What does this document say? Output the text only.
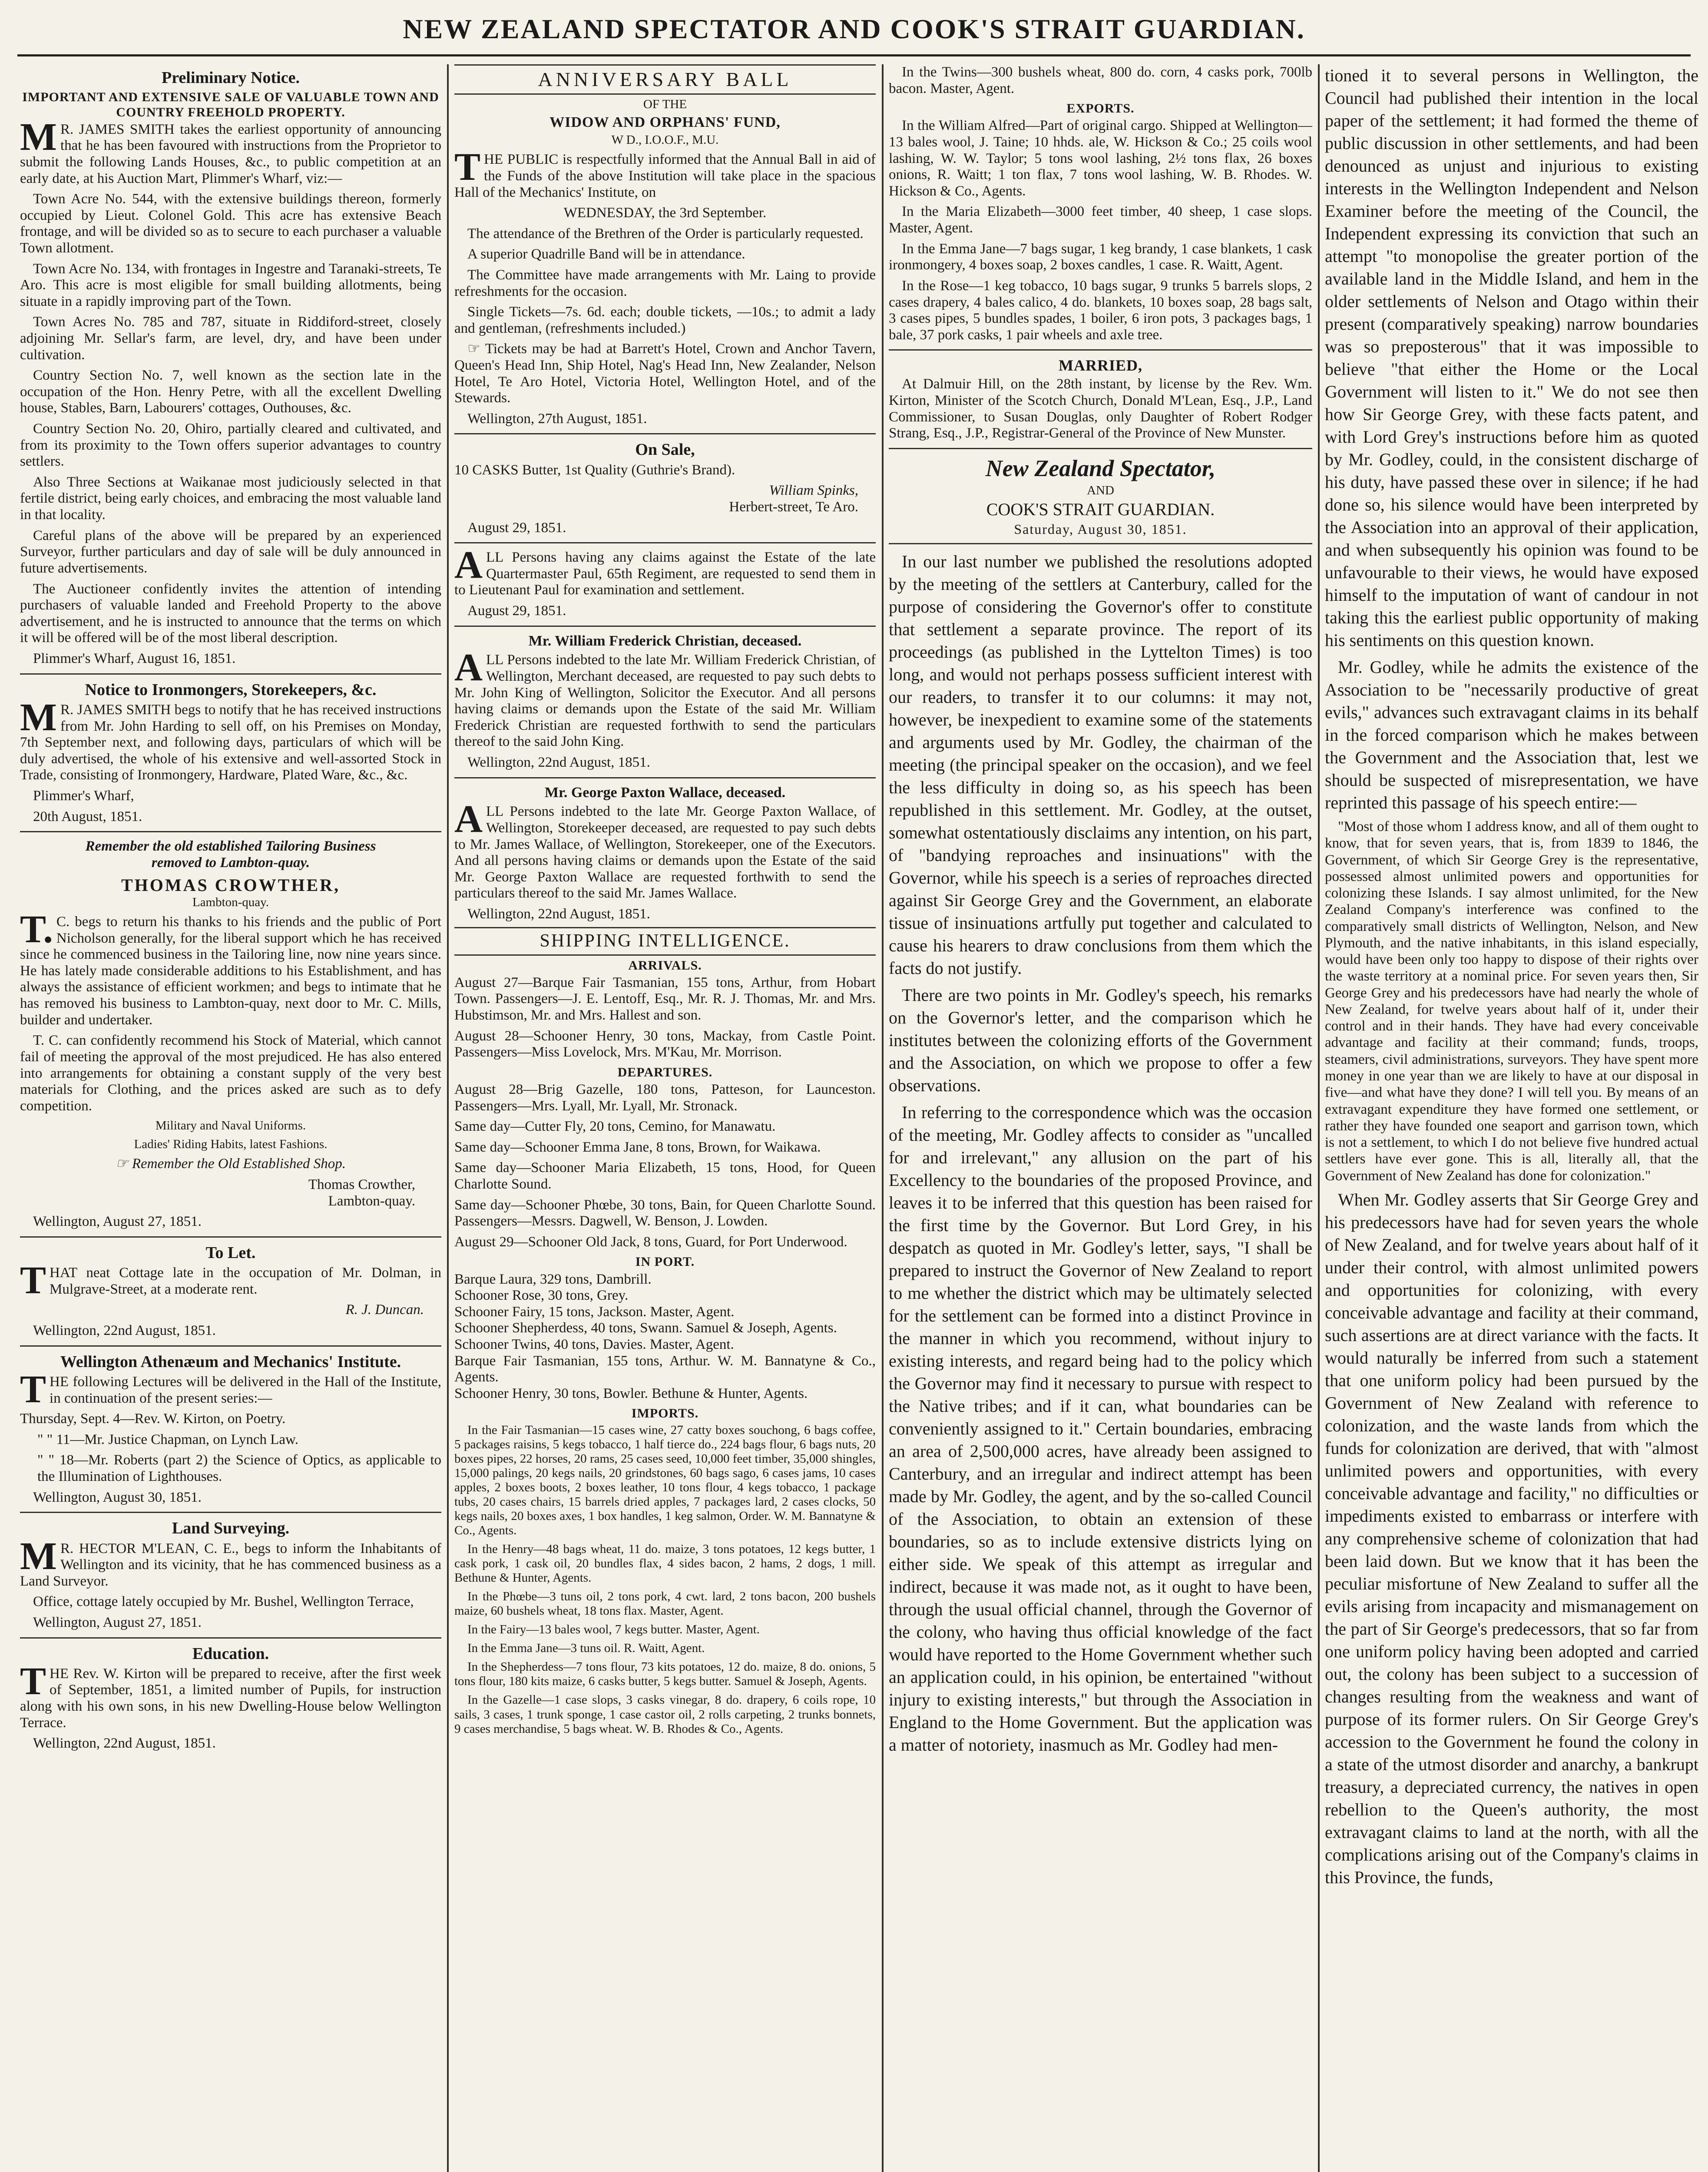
NEW ZEALAND SPECTATOR AND COOK'S STRAIT GUARDIAN.
Preliminary Notice.
IMPORTANT AND EXTENSIVE SALE OF VALUABLE TOWN AND COUNTRY FREEHOLD PROPERTY.

MR. JAMES SMITH takes the earliest opportunity of announcing that he has been favoured with instructions from the Proprietor to submit the following Lands Houses, &c., to public competition at an early date, at his Auction Mart, Plimmer's Wharf, viz:—

Town Acre No. 544, with the extensive buildings thereon, formerly occupied by Lieut. Colonel Gold. This acre has extensive Beach frontage, and will be divided so as to secure to each purchaser a valuable Town allotment.

Town Acre No. 134, with frontages in Ingestre and Taranaki-streets, Te Aro. This acre is most eligible for small building allotments, being situate in a rapidly improving part of the Town.

Town Acres No. 785 and 787, situate in Riddiford-street, closely adjoining Mr. Sellar's farm, are level, dry, and have been under cultivation.

Country Section No. 7, well known as the section late in the occupation of the Hon. Henry Petre, with all the excellent Dwelling house, Stables, Barn, Labourers' cottages, Outhouses, &c.

Country Section No. 20, Ohiro, partially cleared and cultivated, and from its proximity to the Town offers superior advantages to country settlers.

Also Three Sections at Waikanae most judiciously selected in that fertile district, being early choices, and embracing the most valuable land in that locality.

Careful plans of the above will be prepared by an experienced Surveyor, further particulars and day of sale will be duly announced in future advertisements.

The Auctioneer confidently invites the attention of intending purchasers of valuable landed and Freehold Property to the above advertisement, and he is instructed to announce that the terms on which it will be offered will be of the most liberal description.

Plimmer's Wharf, August 16, 1851.

Notice to Ironmongers, Storekeepers, &c.

MR. JAMES SMITH begs to notify that he has received instructions from Mr. John Harding to sell off, on his Premises on Monday, 7th September next, and following days, particulars of which will be duly advertised, the whole of his extensive and well-assorted Stock in Trade, consisting of Ironmongery, Hardware, Plated Ware, &c., &c.

Plimmer's Wharf,

20th August, 1851.

Remember the old established Tailoring Business

removed to Lambton-quay.

THOMAS CROWTHER,

Lambton-quay.

T.C. begs to return his thanks to his friends and the public of Port Nicholson generally, for the liberal support which he has received since he commenced business in the Tailoring line, now nine years since. He has lately made considerable additions to his Establishment, and has always the assistance of efficient workmen; and begs to intimate that he has removed his business to Lambton-quay, next door to Mr. C. Mills, builder and undertaker.

T. C. can confidently recommend his Stock of Material, which cannot fail of meeting the approval of the most prejudiced. He has also entered into arrangements for obtaining a constant supply of the very best materials for Clothing, and the prices asked are such as to defy competition.

Military and Naval Uniforms.

Ladies' Riding Habits, latest Fashions.

☞ Remember the Old Established Shop.

Thomas Crowther,

Lambton-quay.

Wellington, August 27, 1851.

To Let.

THAT neat Cottage late in the occupation of Mr. Dolman, in Mulgrave-Street, at a moderate rent.

R. J. Duncan.

Wellington, 22nd August, 1851.

Wellington Athenæum and Mechanics' Institute.

THE following Lectures will be delivered in the Hall of the Institute, in continuation of the present series:—

Thursday, Sept. 4—Rev. W. Kirton, on Poetry.

" " 11—Mr. Justice Chapman, on Lynch Law.

" " 18—Mr. Roberts (part 2) the Science of Optics, as applicable to the Illumination of Lighthouses.

Wellington, August 30, 1851.

Land Surveying.

MR. HECTOR M'LEAN, C. E., begs to inform the Inhabitants of Wellington and its vicinity, that he has commenced business as a Land Surveyor.

Office, cottage lately occupied by Mr. Bushel, Wellington Terrace,

Wellington, August 27, 1851.

Education.

THE Rev. W. Kirton will be prepared to receive, after the first week of September, 1851, a limited number of Pupils, for instruction along with his own sons, in his new Dwelling-House below Wellington Terrace.

Wellington, 22nd August, 1851.

ANNIVERSARY BALL

OF THE

WIDOW AND ORPHANS' FUND,

W D., I.O.O.F., M.U.

THE PUBLIC is respectfully informed that the Annual Ball in aid of the Funds of the above Institution will take place in the spacious Hall of the Mechanics' Institute, on

WEDNESDAY, the 3rd September.

The attendance of the Brethren of the Order is particularly requested.

A superior Quadrille Band will be in attendance.

The Committee have made arrangements with Mr. Laing to provide refreshments for the occasion.

Single Tickets—7s. 6d. each; double tickets, —10s.; to admit a lady and gentleman, (refreshments included.)

☞ Tickets may be had at Barrett's Hotel, Crown and Anchor Tavern, Queen's Head Inn, Ship Hotel, Nag's Head Inn, New Zealander, Nelson Hotel, Te Aro Hotel, Victoria Hotel, Wellington Hotel, and of the Stewards.

Wellington, 27th August, 1851.

On Sale,

10 CASKS Butter, 1st Quality (Guthrie's Brand).

William Spinks,

Herbert-street, Te Aro.

August 29, 1851.

ALL Persons having any claims against the Estate of the late Quartermaster Paul, 65th Regiment, are requested to send them in to Lieutenant Paul for examination and settlement.

August 29, 1851.

Mr. William Frederick Christian, deceased.

ALL Persons indebted to the late Mr. William Frederick Christian, of Wellington, Merchant deceased, are requested to pay such debts to Mr. John King of Wellington, Solicitor the Executor. And all persons having claims or demands upon the Estate of the said Mr. William Frederick Christian are requested forthwith to send the particulars thereof to the said John King.

Wellington, 22nd August, 1851.

Mr. George Paxton Wallace, deceased.

ALL Persons indebted to the late Mr. George Paxton Wallace, of Wellington, Storekeeper deceased, are requested to pay such debts to Mr. James Wallace, of Wellington, Storekeeper, one of the Executors. And all persons having claims or demands upon the Estate of the said Mr. George Paxton Wallace are requested forthwith to send the particulars thereof to the said Mr. James Wallace.

Wellington, 22nd August, 1851.

SHIPPING INTELLIGENCE.
ARRIVALS.

August 27—Barque Fair Tasmanian, 155 tons, Arthur, from Hobart Town. Passengers—J. E. Lentoff, Esq., Mr. R. J. Thomas, Mr. and Mrs. Hubstimson, Mr. and Mrs. Hallest and son.

August 28—Schooner Henry, 30 tons, Mackay, from Castle Point. Passengers—Miss Lovelock, Mrs. M'Kau, Mr. Morrison.

DEPARTURES.

August 28—Brig Gazelle, 180 tons, Patteson, for Launceston. Passengers—Mrs. Lyall, Mr. Lyall, Mr. Stronack.

Same day—Cutter Fly, 20 tons, Cemino, for Manawatu.

Same day—Schooner Emma Jane, 8 tons, Brown, for Waikawa.

Same day—Schooner Maria Elizabeth, 15 tons, Hood, for Queen Charlotte Sound.

Same day—Schooner Phœbe, 30 tons, Bain, for Queen Charlotte Sound. Passengers—Messrs. Dagwell, W. Benson, J. Lowden.

August 29—Schooner Old Jack, 8 tons, Guard, for Port Underwood.

IN PORT.

Barque Laura, 329 tons, Dambrill.

Schooner Rose, 30 tons, Grey.

Schooner Fairy, 15 tons, Jackson. Master, Agent.

Schooner Shepherdess, 40 tons, Swann. Samuel & Joseph, Agents.

Schooner Twins, 40 tons, Davies. Master, Agent.

Barque Fair Tasmanian, 155 tons, Arthur. W. M. Bannatyne & Co., Agents.

Schooner Henry, 30 tons, Bowler. Bethune & Hunter, Agents.

IMPORTS.

In the Fair Tasmanian—15 cases wine, 27 catty boxes souchong, 6 bags coffee, 5 packages raisins, 5 kegs tobacco, 1 half tierce do., 224 bags flour, 6 bags nuts, 20 boxes pipes, 22 horses, 20 rams, 25 cases seed, 10,000 feet timber, 35,000 shingles, 15,000 palings, 20 kegs nails, 20 grindstones, 60 bags sago, 6 cases jams, 10 cases apples, 2 boxes boots, 2 boxes leather, 10 tons flour, 4 kegs tobacco, 1 package tubs, 20 cases chairs, 15 barrels dried apples, 7 packages lard, 2 cases clocks, 50 kegs nails, 20 boxes axes, 1 box handles, 1 keg salmon, Order. W. M. Bannatyne & Co., Agents.

In the Henry—48 bags wheat, 11 do. maize, 3 tons potatoes, 12 kegs butter, 1 cask pork, 1 cask oil, 20 bundles flax, 4 sides bacon, 2 hams, 2 dogs, 1 mill. Bethune & Hunter, Agents.

In the Phœbe—3 tuns oil, 2 tons pork, 4 cwt. lard, 2 tons bacon, 200 bushels maize, 60 bushels wheat, 18 tons flax. Master, Agent.

In the Fairy—13 bales wool, 7 kegs butter. Master, Agent.

In the Emma Jane—3 tuns oil. R. Waitt, Agent.

In the Shepherdess—7 tons flour, 73 kits potatoes, 12 do. maize, 8 do. onions, 5 tons flour, 180 kits maize, 6 casks butter, 5 kegs butter. Samuel & Joseph, Agents.

In the Gazelle—1 case slops, 3 casks vinegar, 8 do. drapery, 6 coils rope, 10 sails, 3 cases, 1 trunk sponge, 1 case castor oil, 2 rolls carpeting, 2 trunks bonnets, 9 cases merchandise, 5 bags wheat. W. B. Rhodes & Co., Agents.

In the Twins—300 bushels wheat, 800 do. corn, 4 casks pork, 700lb bacon. Master, Agent.

EXPORTS.

In the William Alfred—Part of original cargo. Shipped at Wellington—13 bales wool, J. Taine; 10 hhds. ale, W. Hickson & Co.; 25 coils wool lashing, W. W. Taylor; 5 tons wool lashing, 2½ tons flax, 26 boxes onions, R. Waitt; 1 ton flax, 7 tons wool lashing, W. B. Rhodes. W. Hickson & Co., Agents.

In the Maria Elizabeth—3000 feet timber, 40 sheep, 1 case slops. Master, Agent.

In the Emma Jane—7 bags sugar, 1 keg brandy, 1 case blankets, 1 cask ironmongery, 4 boxes soap, 2 boxes candles, 1 case. R. Waitt, Agent.

In the Rose—1 keg tobacco, 10 bags sugar, 9 trunks 5 barrels slops, 2 cases drapery, 4 bales calico, 4 do. blankets, 10 boxes soap, 28 bags salt, 3 cases pipes, 5 bundles spades, 1 boiler, 6 iron pots, 3 packages bags, 1 bale, 37 pork casks, 1 pair wheels and axle tree.

MARRIED,

At Dalmuir Hill, on the 28th instant, by license by the Rev. Wm. Kirton, Minister of the Scotch Church, Donald M'Lean, Esq., J.P., Land Commissioner, to Susan Douglas, only Daughter of Robert Rodger Strang, Esq., J.P., Registrar-General of the Province of New Munster.

New Zealand Spectator,

AND

COOK'S STRAIT GUARDIAN.

Saturday, August 30, 1851.

In our last number we published the resolutions adopted by the meeting of the settlers at Canterbury, called for the purpose of considering the Governor's offer to constitute that settlement a separate province. The report of its proceedings (as published in the Lyttelton Times) is too long, and would not perhaps possess sufficient interest with our readers, to transfer it to our columns: it may not, however, be inexpedient to examine some of the statements and arguments used by Mr. Godley, the chairman of the meeting (the principal speaker on the occasion), and we feel the less difficulty in doing so, as his speech has been republished in this settlement. Mr. Godley, at the outset, somewhat ostentatiously disclaims any intention, on his part, of "bandying reproaches and insinuations" with the Governor, while his speech is a series of reproaches directed against Sir George Grey and the Government, an elaborate tissue of insinuations artfully put together and calculated to cause his hearers to draw conclusions from them which the facts do not justify.

There are two points in Mr. Godley's speech, his remarks on the Governor's letter, and the comparison which he institutes between the colonizing efforts of the Government and the Association, on which we propose to offer a few observations.

In referring to the correspondence which was the occasion of the meeting, Mr. Godley affects to consider as "uncalled for and irrelevant," any allusion on the part of his Excellency to the boundaries of the proposed Province, and leaves it to be inferred that this question has been raised for the first time by the Governor. But Lord Grey, in his despatch as quoted in Mr. Godley's letter, says, "I shall be prepared to instruct the Governor of New Zealand to report to me whether the district which may be ultimately selected for the settlement can be formed into a distinct Province in the manner in which you recommend, without injury to existing interests, and regard being had to the policy which the Governor may find it necessary to pursue with respect to the Native tribes; and if it can, what boundaries can be conveniently assigned to it." Certain boundaries, embracing an area of 2,500,000 acres, have already been assigned to Canterbury, and an irregular and indirect attempt has been made by Mr. Godley, the agent, and by the so-called Council of the Association, to obtain an extension of these boundaries, so as to include extensive districts lying on either side. We speak of this attempt as irregular and indirect, because it was made not, as it ought to have been, through the usual official channel, through the Governor of the colony, who having thus official knowledge of the fact would have reported to the Home Government whether such an application could, in his opinion, be entertained "without injury to existing interests," but through the Association in England to the Home Government. But the application was a matter of notoriety, inasmuch as Mr. Godley had men-

tioned it to several persons in Wellington, the Council had published their intention in the local paper of the settlement; it had formed the theme of public discussion in other settlements, and had been denounced as unjust and injurious to existing interests in the Wellington Independent and Nelson Examiner before the meeting of the Council, the Independent expressing its conviction that such an attempt "to monopolise the greater portion of the available land in the Middle Island, and hem in the older settlements of Nelson and Otago within their present (comparatively speaking) narrow boundaries was so preposterous" that it was impossible to believe "that either the Home or the Local Government will listen to it." We do not see then how Sir George Grey, with these facts patent, and with Lord Grey's instructions before him as quoted by Mr. Godley, could, in the consistent discharge of his duty, have passed these over in silence; if he had done so, his silence would have been interpreted by the Association into an approval of their application, and when subsequently his opinion was found to be unfavourable to their views, he would have exposed himself to the imputation of want of candour in not taking this the earliest public opportunity of making his sentiments on this question known.

Mr. Godley, while he admits the existence of the Association to be "necessarily productive of great evils," advances such extravagant claims in its behalf in the forced comparison which he makes between the Government and the Association that, lest we should be suspected of misrepresentation, we have reprinted this passage of his speech entire:—

"Most of those whom I address know, and all of them ought to know, that for seven years, that is, from 1839 to 1846, the Government, of which Sir George Grey is the representative, possessed almost unlimited powers and opportunities for colonizing these Islands. I say almost unlimited, for the New Zealand Company's interference was confined to the comparatively small districts of Wellington, Nelson, and New Plymouth, and the native inhabitants, in this island especially, would have been only too happy to dispose of their rights over the waste territory at a nominal price. For seven years then, Sir George Grey and his predecessors have had nearly the whole of New Zealand, for twelve years about half of it, under their control and in their hands. They have had every conceivable advantage and facility at their command; funds, troops, steamers, civil administrations, surveyors. They have spent more money in one year than we are likely to have at our disposal in five—and what have they done? I will tell you. By means of an extravagant expenditure they have formed one settlement, or rather they have founded one seaport and garrison town, which is not a settlement, to which I do not believe five hundred actual settlers have ever gone. This is all, literally all, that the Government of New Zealand has done for colonization."

When Mr. Godley asserts that Sir George Grey and his predecessors have had for seven years the whole of New Zealand, and for twelve years about half of it under their control, with almost unlimited powers and opportunities for colonizing, with every conceivable advantage and facility at their command, such assertions are at direct variance with the facts. It would naturally be inferred from such a statement that one uniform policy had been pursued by the Government of New Zealand with reference to colonization, and the waste lands from which the funds for colonization are derived, that with "almost unlimited powers and opportunities, with every conceivable advantage and facility," no difficulties or impediments existed to embarrass or interfere with any comprehensive scheme of colonization that had been laid down. But we know that it has been the peculiar misfortune of New Zealand to suffer all the evils arising from incapacity and mismanagement on the part of Sir George's predecessors, that so far from one uniform policy having been adopted and carried out, the colony has been subject to a succession of changes resulting from the weakness and want of purpose of its former rulers. On Sir George Grey's accession to the Government he found the colony in a state of the utmost disorder and anarchy, a bankrupt treasury, a depreciated currency, the natives in open rebellion to the Queen's authority, the most extravagant claims to land at the north, with all the complications arising out of the Company's claims in this Province, the funds,
